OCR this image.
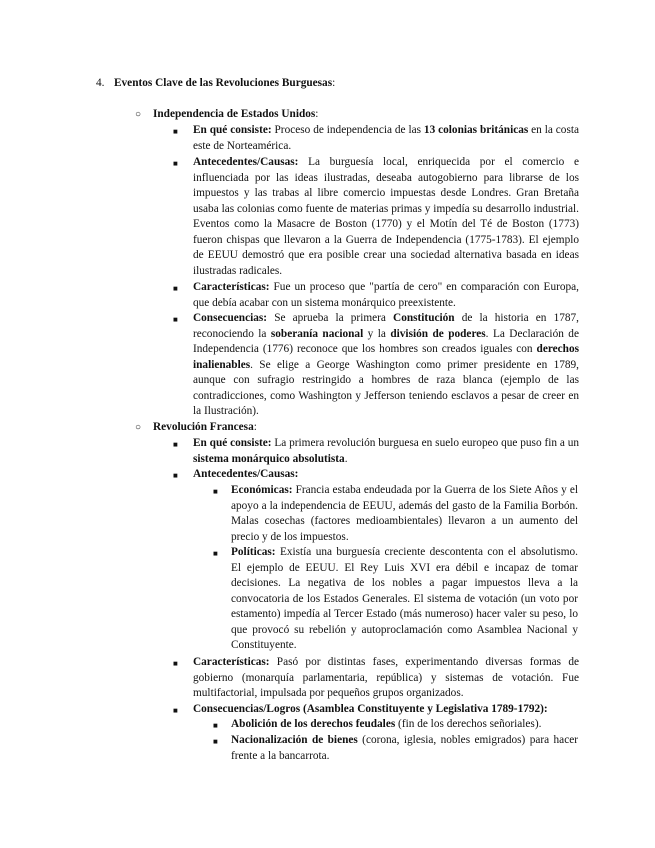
4. Eventos Clave de las Revoluciones Burguesas:
○ Independencia de Estados Unidos:
■ En qué consiste: Proceso de independencia de las 13 colonias británicas en la costa este de Norteamérica.
■ Antecedentes/Causas: La burguesía local, enriquecida por el comercio e influenciada por las ideas ilustradas, deseaba autogobierno para librarse de los impuestos y las trabas al libre comercio impuestas desde Londres. Gran Bretaña usaba las colonias como fuente de materias primas y impedía su desarrollo industrial. Eventos como la Masacre de Boston (1770) y el Motín del Té de Boston (1773) fueron chispas que llevaron a la Guerra de Independencia (1775-1783). El ejemplo de EEUU demostró que era posible crear una sociedad alternativa basada en ideas ilustradas radicales.
■ Características: Fue un proceso que "partía de cero" en comparación con Europa, que debía acabar con un sistema monárquico preexistente.
■ Consecuencias: Se aprueba la primera Constitución de la historia en 1787, reconociendo la soberanía nacional y la división de poderes. La Declaración de Independencia (1776) reconoce que los hombres son creados iguales con derechos inalienables. Se elige a George Washington como primer presidente en 1789, aunque con sufragio restringido a hombres de raza blanca (ejemplo de las contradicciones, como Washington y Jefferson teniendo esclavos a pesar de creer en la Ilustración).
○ Revolución Francesa:
■ En qué consiste: La primera revolución burguesa en suelo europeo que puso fin a un sistema monárquico absolutista.
■ Antecedentes/Causas:
■ Económicas: Francia estaba endeudada por la Guerra de los Siete Años y el apoyo a la independencia de EEUU, además del gasto de la Familia Borbón. Malas cosechas (factores medioambientales) llevaron a un aumento del precio y de los impuestos.
■ Políticas: Existía una burguesía creciente descontenta con el absolutismo. El ejemplo de EEUU. El Rey Luis XVI era débil e incapaz de tomar decisiones. La negativa de los nobles a pagar impuestos lleva a la convocatoria de los Estados Generales. El sistema de votación (un voto por estamento) impedía al Tercer Estado (más numeroso) hacer valer su peso, lo que provocó su rebelión y autoproclamación como Asamblea Nacional y Constituyente.
■ Características: Pasó por distintas fases, experimentando diversas formas de gobierno (monarquía parlamentaria, república) y sistemas de votación. Fue multifactorial, impulsada por pequeños grupos organizados.
■ Consecuencias/Logros (Asamblea Constituyente y Legislativa 1789-1792):
■ Abolición de los derechos feudales (fin de los derechos señoriales).
■ Nacionalización de bienes (corona, iglesia, nobles emigrados) para hacer frente a la bancarrota.
